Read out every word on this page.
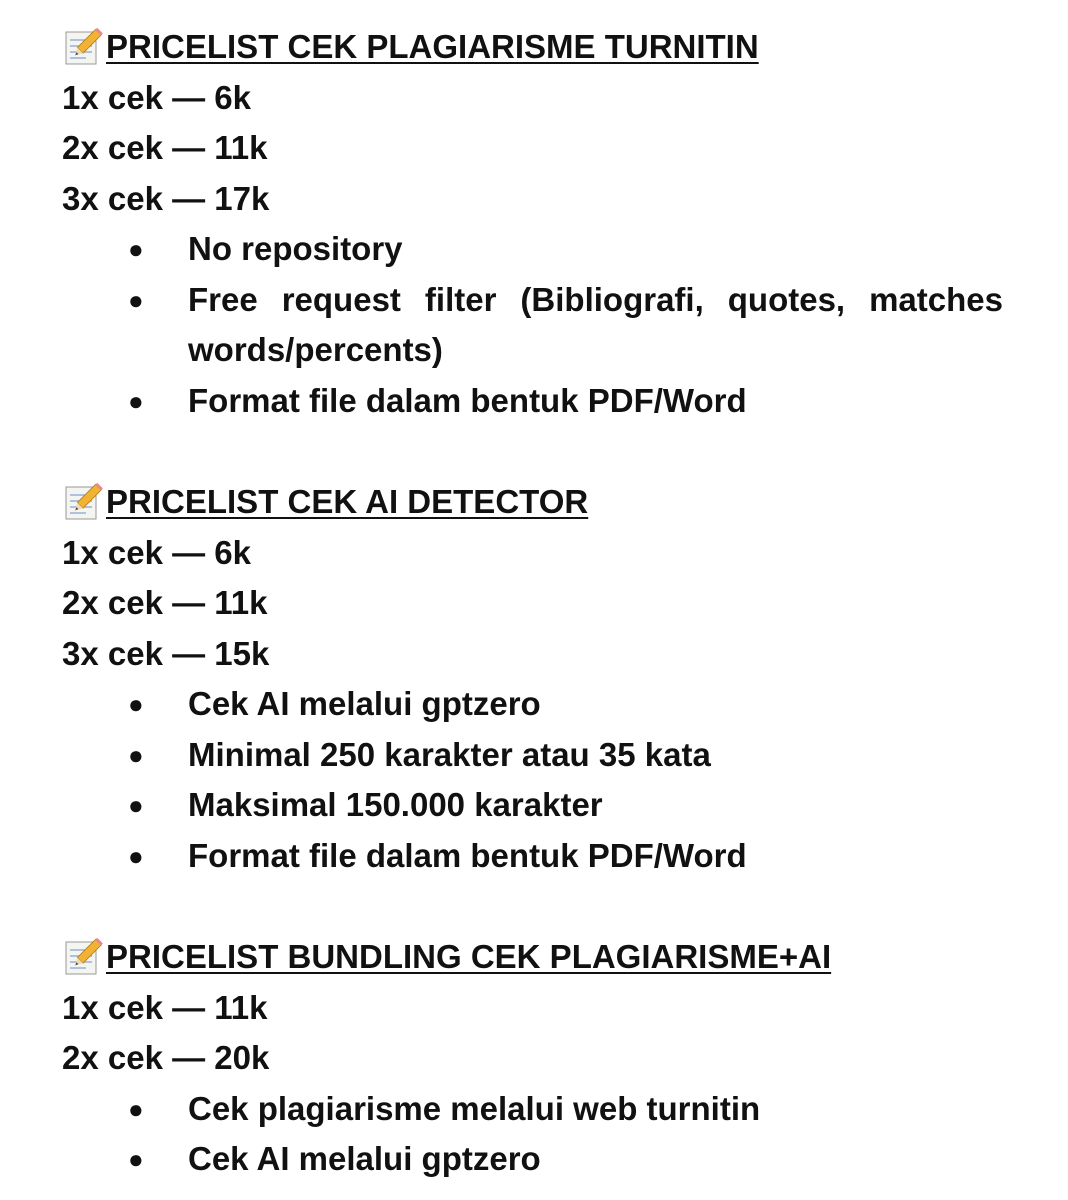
PRICELIST CEK PLAGIARISME TURNITIN
1x cek — 6k
2x cek — 11k
3x cek — 17k
● No repository
● Free request filter (Bibliografi, quotes, matches words/percents)
● Format file dalam bentuk PDF/Word
PRICELIST CEK AI DETECTOR
1x cek — 6k
2x cek — 11k
3x cek — 15k
● Cek AI melalui gptzero
● Minimal 250 karakter atau 35 kata
● Maksimal 150.000 karakter
● Format file dalam bentuk PDF/Word
PRICELIST BUNDLING CEK PLAGIARISME+AI
1x cek — 11k
2x cek — 20k
● Cek plagiarisme melalui web turnitin
● Cek AI melalui gptzero
